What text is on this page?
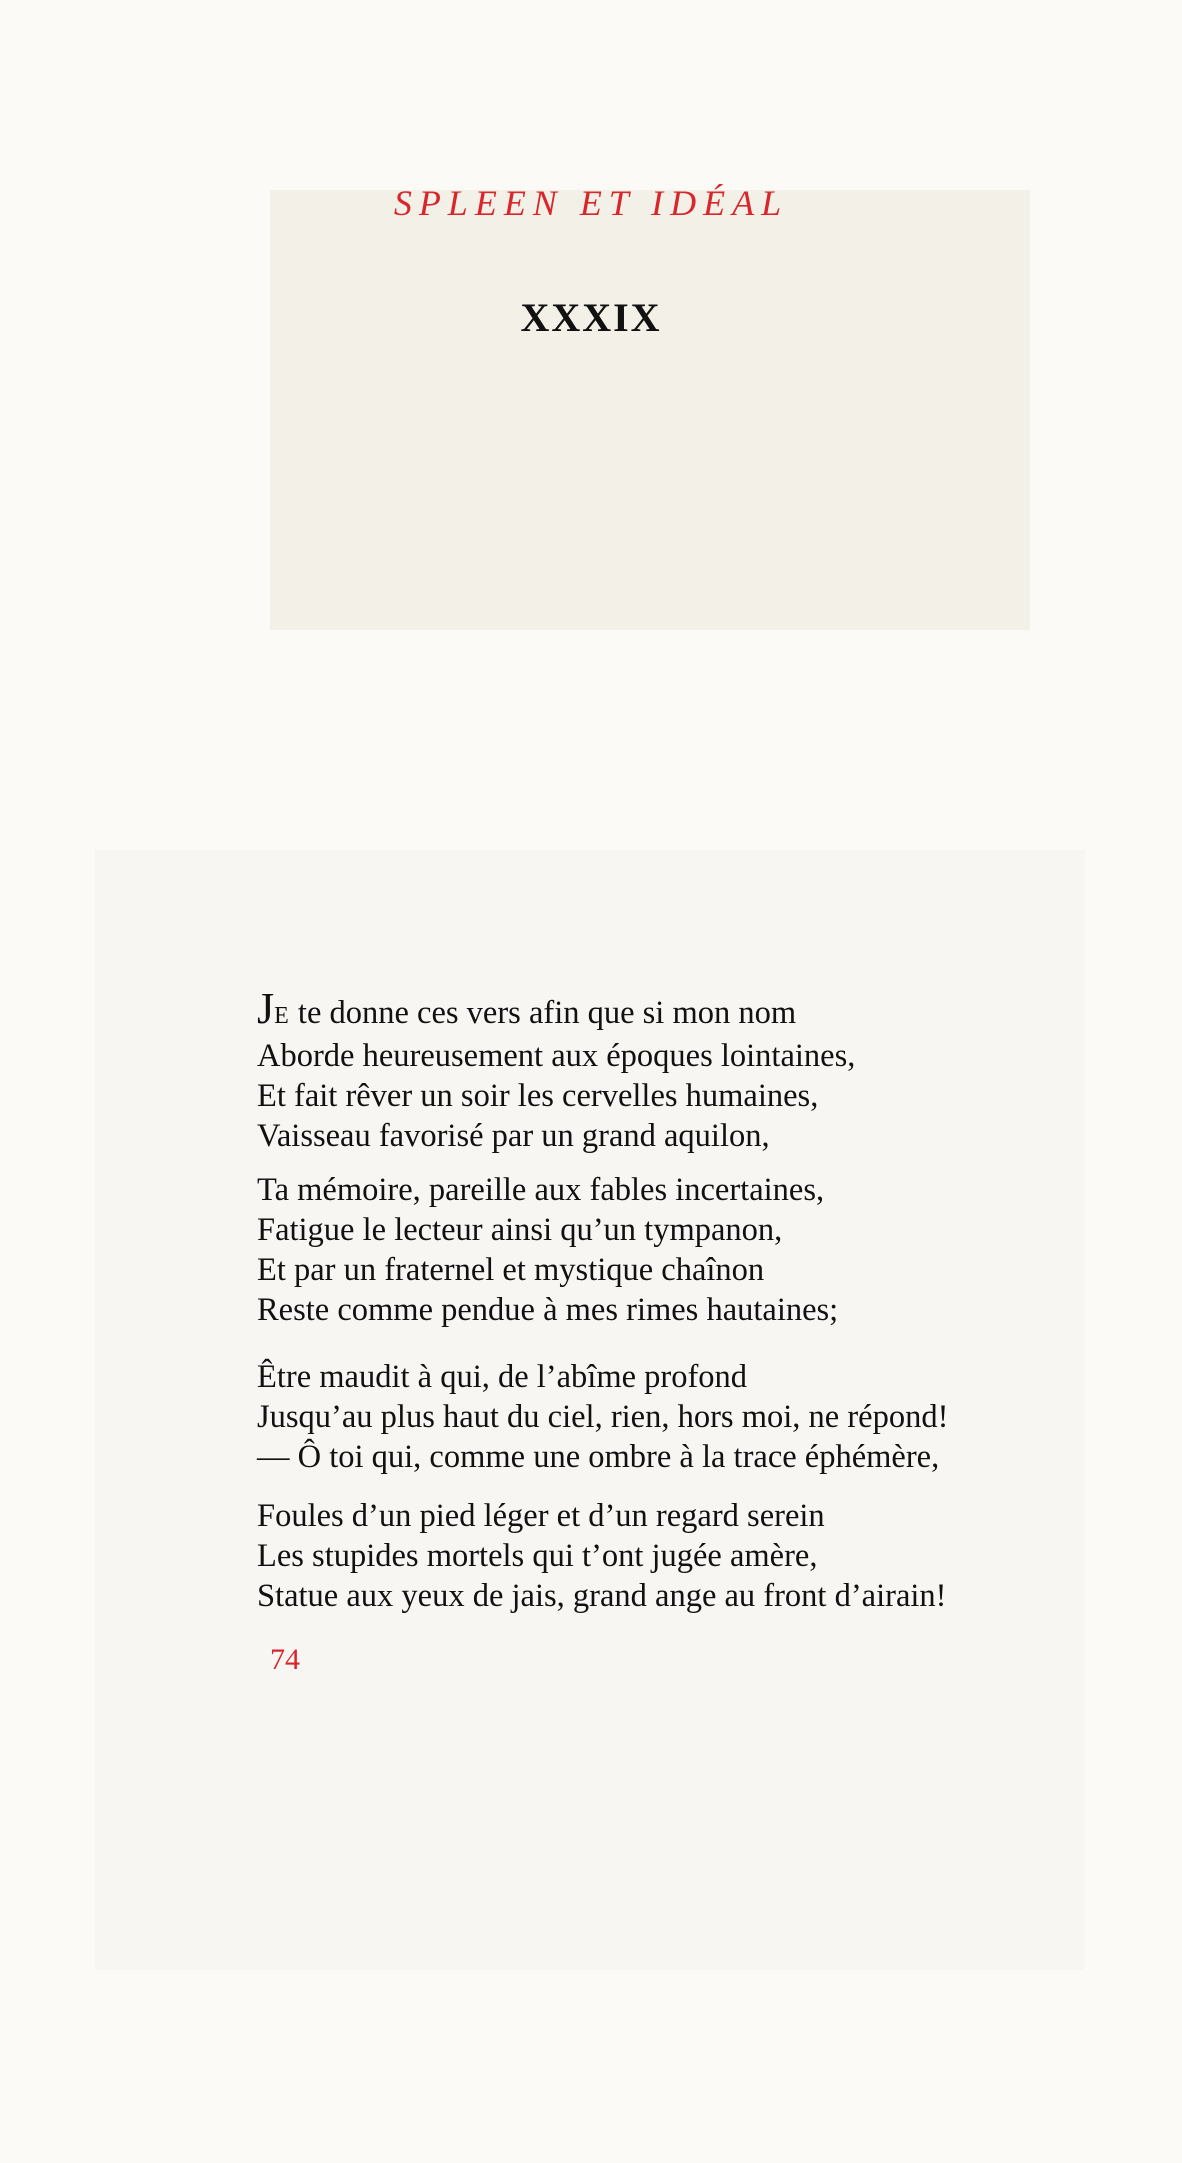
SPLEEN ET IDÉAL
XXXIX
JE te donne ces vers afin que si mon nom
Aborde heureusement aux époques lointaines,
Et fait rêver un soir les cervelles humaines,
Vaisseau favorisé par un grand aquilon,
Ta mémoire, pareille aux fables incertaines,
Fatigue le lecteur ainsi qu’un tympanon,
Et par un fraternel et mystique chaînon
Reste comme pendue à mes rimes hautaines;
Être maudit à qui, de l’abîme profond
Jusqu’au plus haut du ciel, rien, hors moi, ne répond!
— Ô toi qui, comme une ombre à la trace éphémère,
Foules d’un pied léger et d’un regard serein
Les stupides mortels qui t’ont jugée amère,
Statue aux yeux de jais, grand ange au front d’airain!
74
